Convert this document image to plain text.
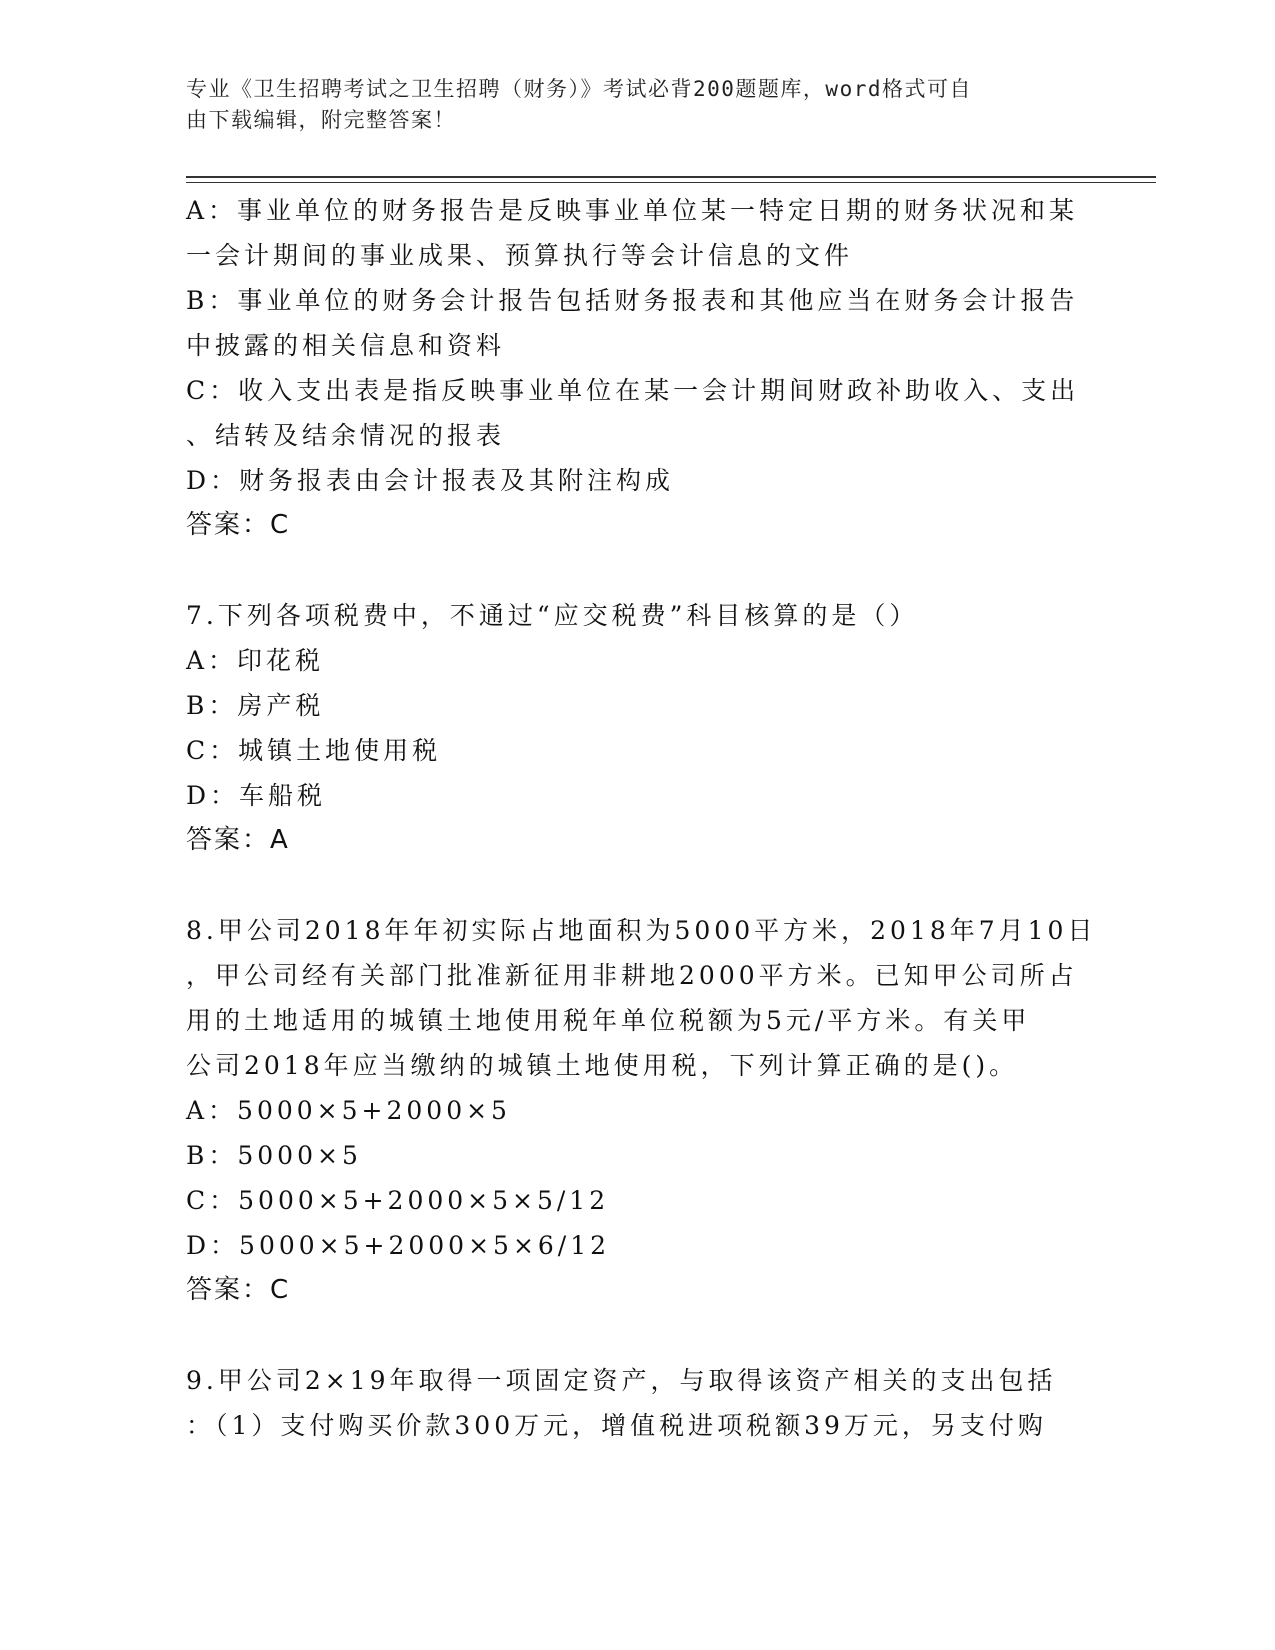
专业《卫生招聘考试之卫生招聘（财务）》考试必背200题题库，word格式可自
由下载编辑，附完整答案！
A：事业单位的财务报告是反映事业单位某一特定日期的财务状况和某
一会计期间的事业成果、预算执行等会计信息的文件
B：事业单位的财务会计报告包括财务报表和其他应当在财务会计报告
中披露的相关信息和资料
C：收入支出表是指反映事业单位在某一会计期间财政补助收入、支出
、结转及结余情况的报表
D：财务报表由会计报表及其附注构成
答案：C
7.下列各项税费中，不通过“应交税费”科目核算的是（）
A：印花税
B：房产税
C：城镇土地使用税
D：车船税
答案：A
8.甲公司2018年年初实际占地面积为5000平方米，2018年7月10日
，甲公司经有关部门批准新征用非耕地2000平方米。已知甲公司所占
用的土地适用的城镇土地使用税年单位税额为5元/平方米。有关甲
公司2018年应当缴纳的城镇土地使用税，下列计算正确的是()。
A：5000×5+2000×5
B：5000×5
C：5000×5+2000×5×5/12
D：5000×5+2000×5×6/12
答案：C
9.甲公司2×19年取得一项固定资产，与取得该资产相关的支出包括
：（1）支付购买价款300万元，增值税进项税额39万元，另支付购
